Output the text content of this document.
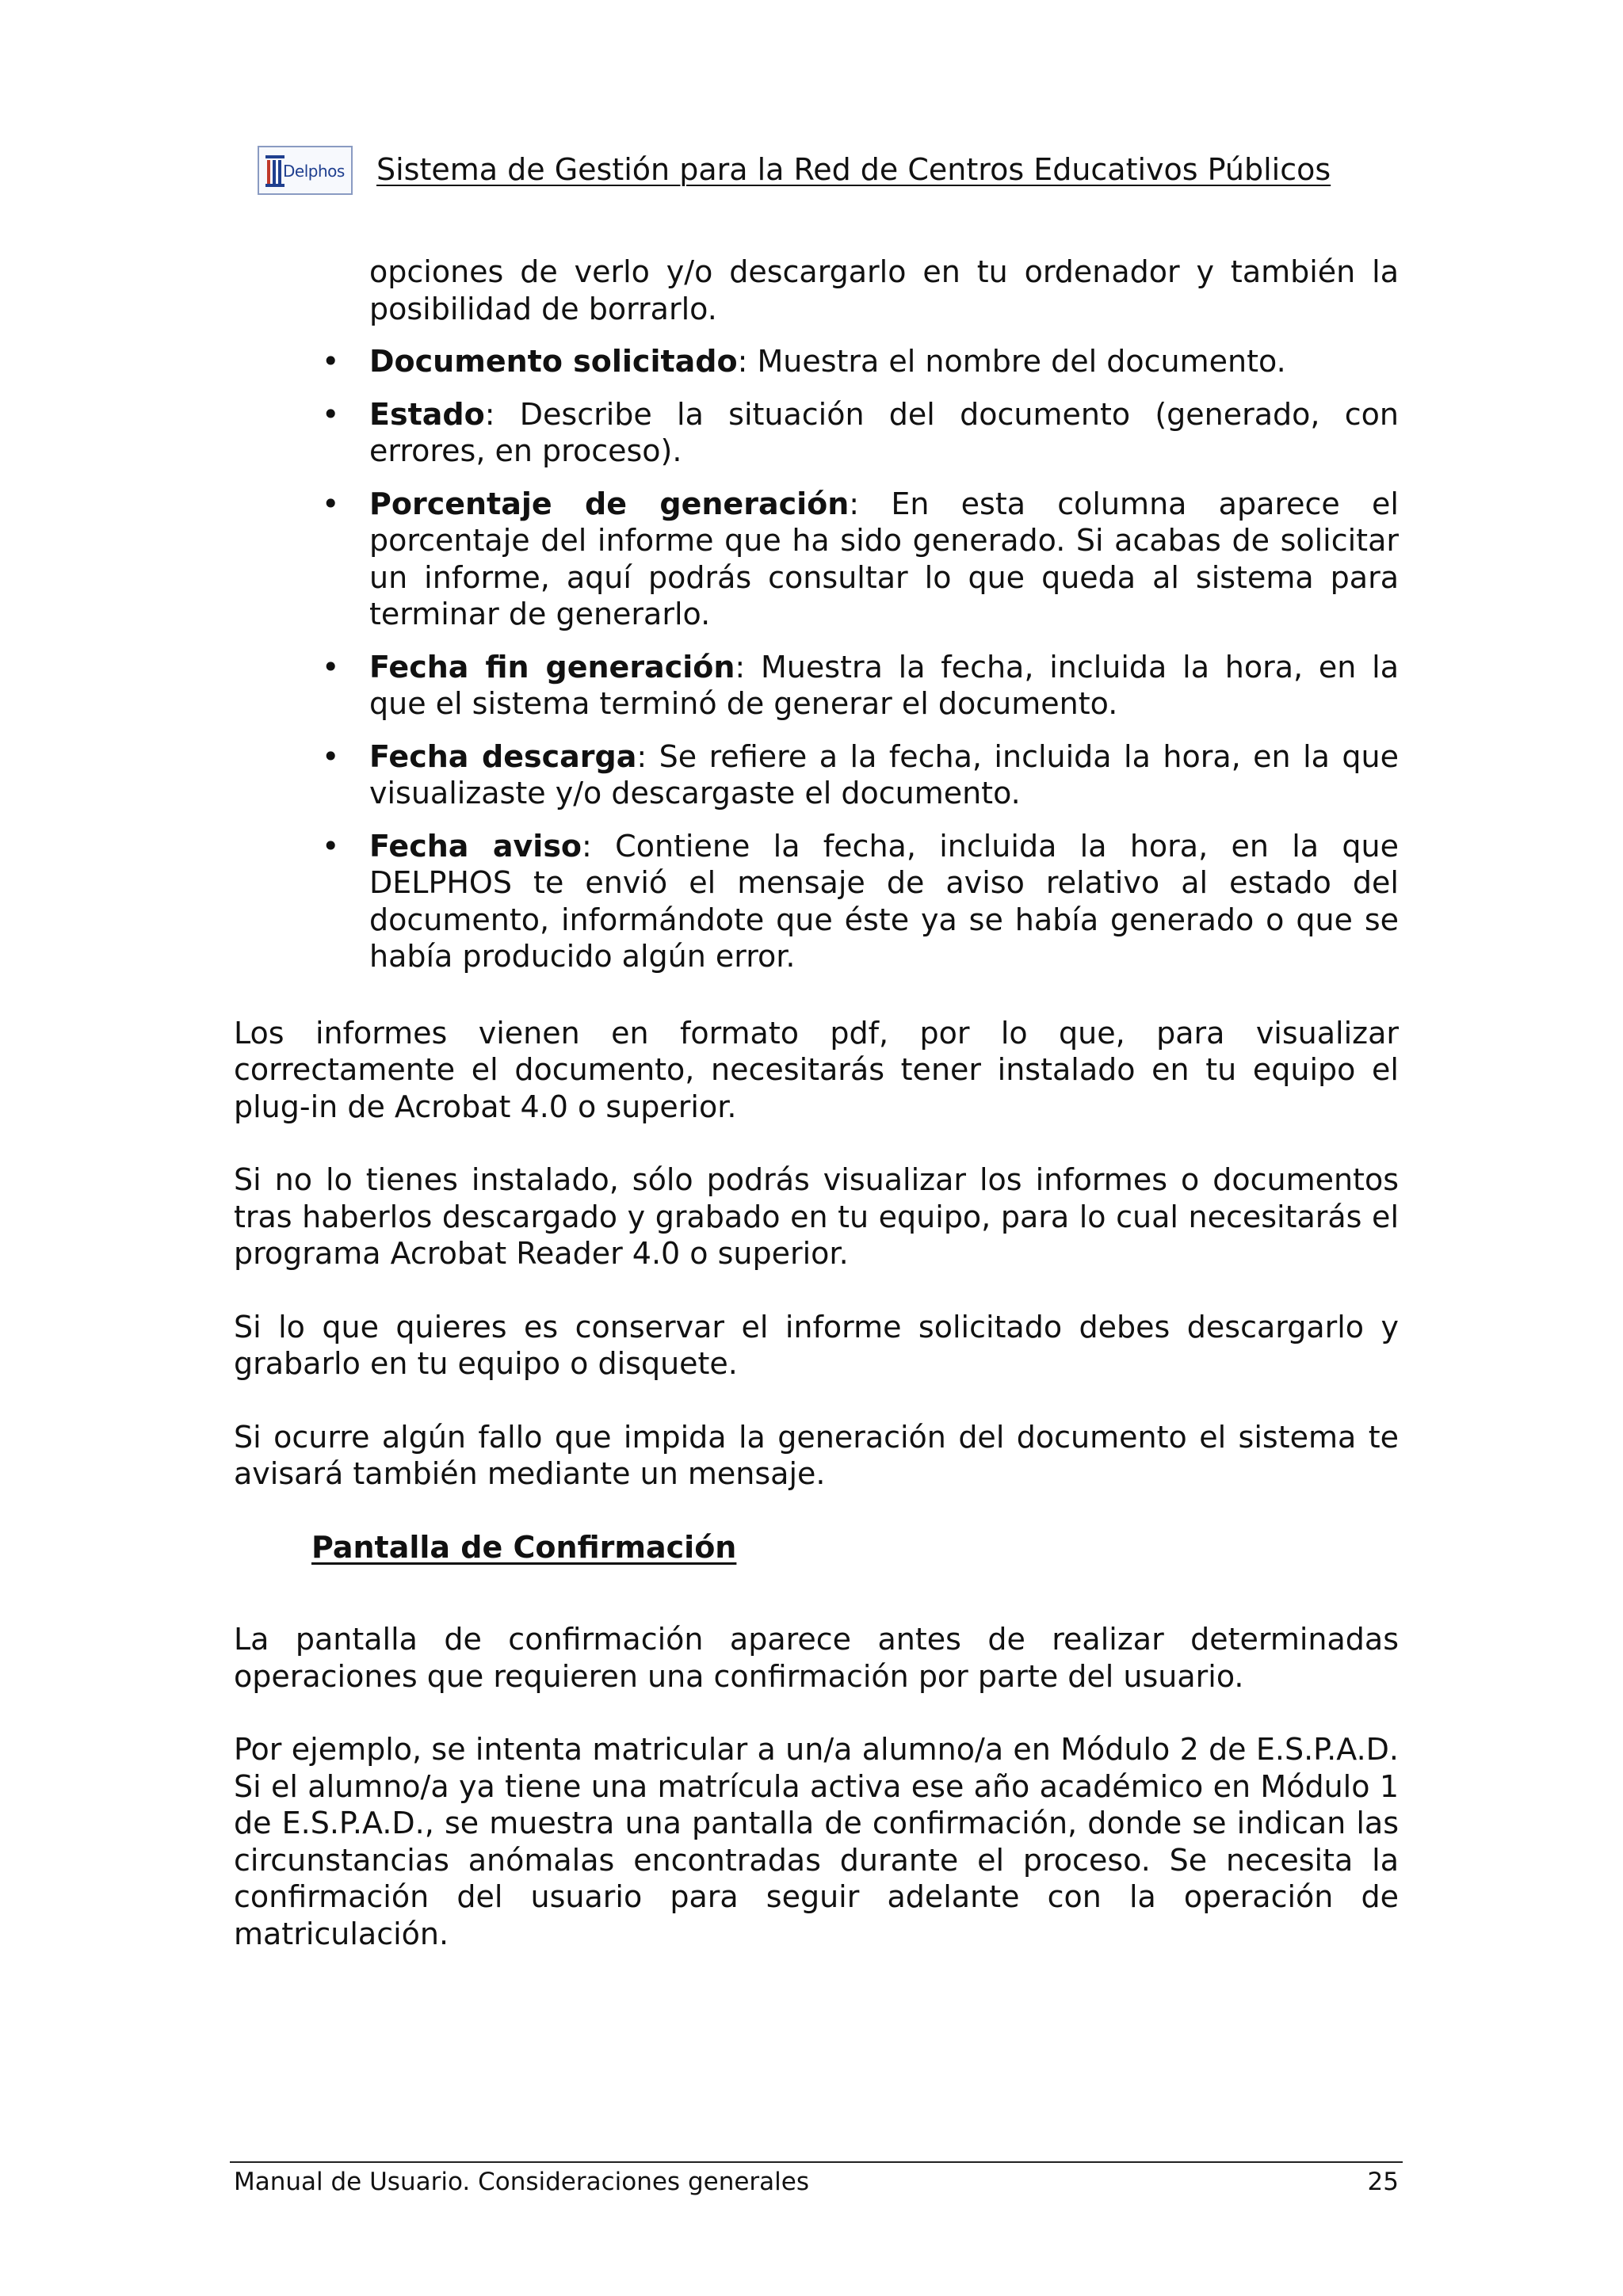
Delphos Sistema de Gestión para la Red de Centros Educativos Públicos

opciones de verlo y/o descargarlo en tu ordenador y también la posibilidad de borrarlo.

• Documento solicitado: Muestra el nombre del documento.
• Estado: Describe la situación del documento (generado, con errores, en proceso).
• Porcentaje de generación: En esta columna aparece el porcentaje del informe que ha sido generado. Si acabas de solicitar un informe, aquí podrás consultar lo que queda al sistema para terminar de generarlo.
• Fecha fin generación: Muestra la fecha, incluida la hora, en la que el sistema terminó de generar el documento.
• Fecha descarga: Se refiere a la fecha, incluida la hora, en la que visualizaste y/o descargaste el documento.
• Fecha aviso: Contiene la fecha, incluida la hora, en la que DELPHOS te envió el mensaje de aviso relativo al estado del documento, informándote que éste ya se había generado o que se había producido algún error.

Los informes vienen en formato pdf, por lo que, para visualizar correctamente el documento, necesitarás tener instalado en tu equipo el plug-in de Acrobat 4.0 o superior.

Si no lo tienes instalado, sólo podrás visualizar los informes o documentos tras haberlos descargado y grabado en tu equipo, para lo cual necesitarás el programa Acrobat Reader 4.0 o superior.

Si lo que quieres es conservar el informe solicitado debes descargarlo y grabarlo en tu equipo o disquete.

Si ocurre algún fallo que impida la generación del documento el sistema te avisará también mediante un mensaje.

Pantalla de Confirmación

La pantalla de confirmación aparece antes de realizar determinadas operaciones que requieren una confirmación por parte del usuario.

Por ejemplo, se intenta matricular a un/a alumno/a en Módulo 2 de E.S.P.A.D. Si el alumno/a ya tiene una matrícula activa ese año académico en Módulo 1 de E.S.P.A.D., se muestra una pantalla de confirmación, donde se indican las circunstancias anómalas encontradas durante el proceso. Se necesita la confirmación del usuario para seguir adelante con la operación de matriculación.

Manual de Usuario. Consideraciones generales	25
